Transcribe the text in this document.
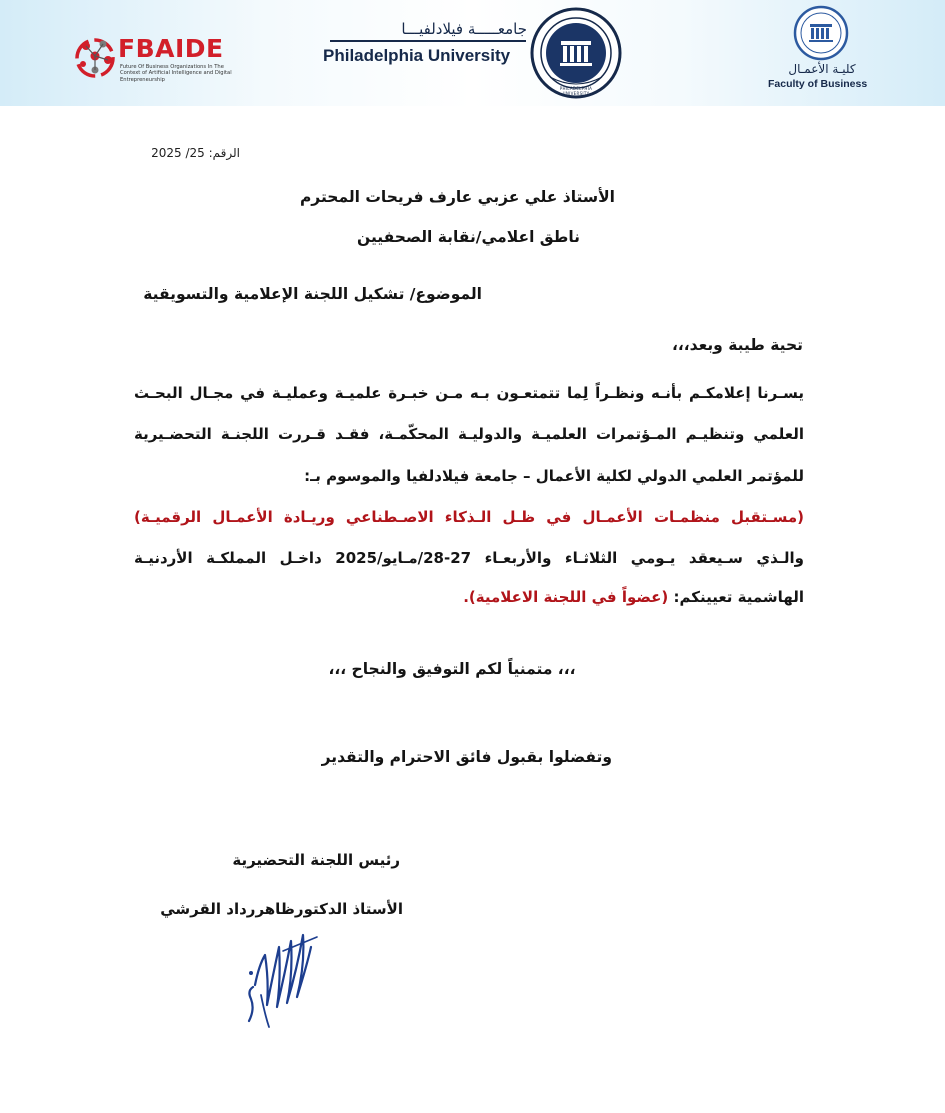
FBAIDE
Future Of Business Organizations In The Context of Artificial Intelligence and Digital Entrepreneurship
جامعـــــة فيلادلفيـــا
Philadelphia University
PHILADELPHIA UNIVERSITY
كليـة الأعمـال
Faculty of Business
الرقم: 25/ 2025
الأستاذ علي عزبي عارف فريحات المحترم
ناطق اعلامي/نقابة الصحفيين
الموضوع/ تشكيل اللجنة الإعلامية والتسويقية
تحية طيبة وبعد،،،
يسـرنا إعلامكـم بأنـه ونظـراً لِما تتمتعـون بـه مـن خبـرة علميـة وعمليـة في مجـال البحـث
العلمي وتنظيـم المـؤتمرات العلميـة والدوليـة المحكّمـة، فقـد قـررت اللجنـة التحضـيرية
للمؤتمر العلمي الدولي لكلية الأعمال – جامعة فيلادلفيا والموسوم بـ:
(مسـتقبل منظمـات الأعمـال في ظـل الـذكاء الاصـطناعي وريـادة الأعمـال الرقميـة)
والـذي سـيعقد يـومي الثلاثـاء والأربعـاء 27-28/مـايو/2025 داخـل المملكـة الأردنيـة
الهاشمية تعيينكم: (عضواً في اللجنة الاعلامية).
،،، متمنياً لكم التوفيق والنجاح ،،،
وتفضلوا بقبول فائق الاحترام والتقدير
رئيس اللجنة التحضيرية
الأستاذ الدكتورظاهررداد القرشي
